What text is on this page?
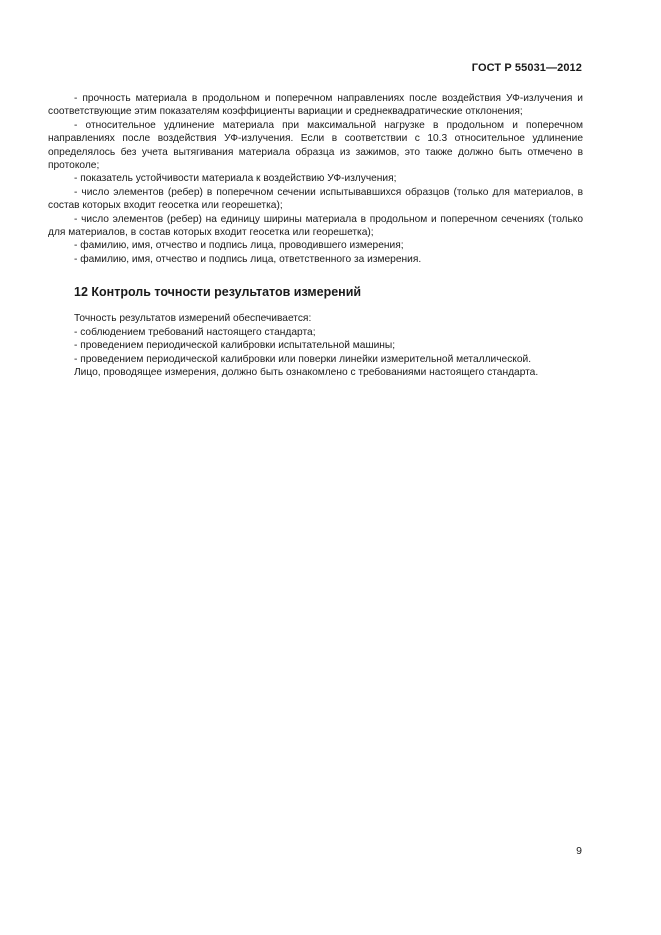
ГОСТ Р 55031—2012

- прочность материала в продольном и поперечном направлениях после воздействия УФ-излучения и соответствующие этим показателям коэффициенты вариации и среднеквадратические отклонения;

- относительное удлинение материала при максимальной нагрузке в продольном и поперечном направлениях после воздействия УФ-излучения. Если в соответствии с 10.3 относительное удлинение определялось без учета вытягивания материала образца из зажимов, это также должно быть отмечено в протоколе;

- показатель устойчивости материала к воздействию УФ-излучения;

- число элементов (ребер) в поперечном сечении испытывавшихся образцов (только для материалов, в состав которых входит геосетка или георешетка);

- число элементов (ребер) на единицу ширины материала в продольном и поперечном сечениях (только для материалов, в состав которых входит геосетка или георешетка);

- фамилию, имя, отчество и подпись лица, проводившего измерения;

- фамилию, имя, отчество и подпись лица, ответственного за измерения.

12 Контроль точности результатов измерений

Точность результатов измерений обеспечивается:

- соблюдением требований настоящего стандарта;

- проведением периодической калибровки испытательной машины;

- проведением периодической калибровки или поверки линейки измерительной металлической.

Лицо, проводящее измерения, должно быть ознакомлено с требованиями настоящего стандарта.

9
